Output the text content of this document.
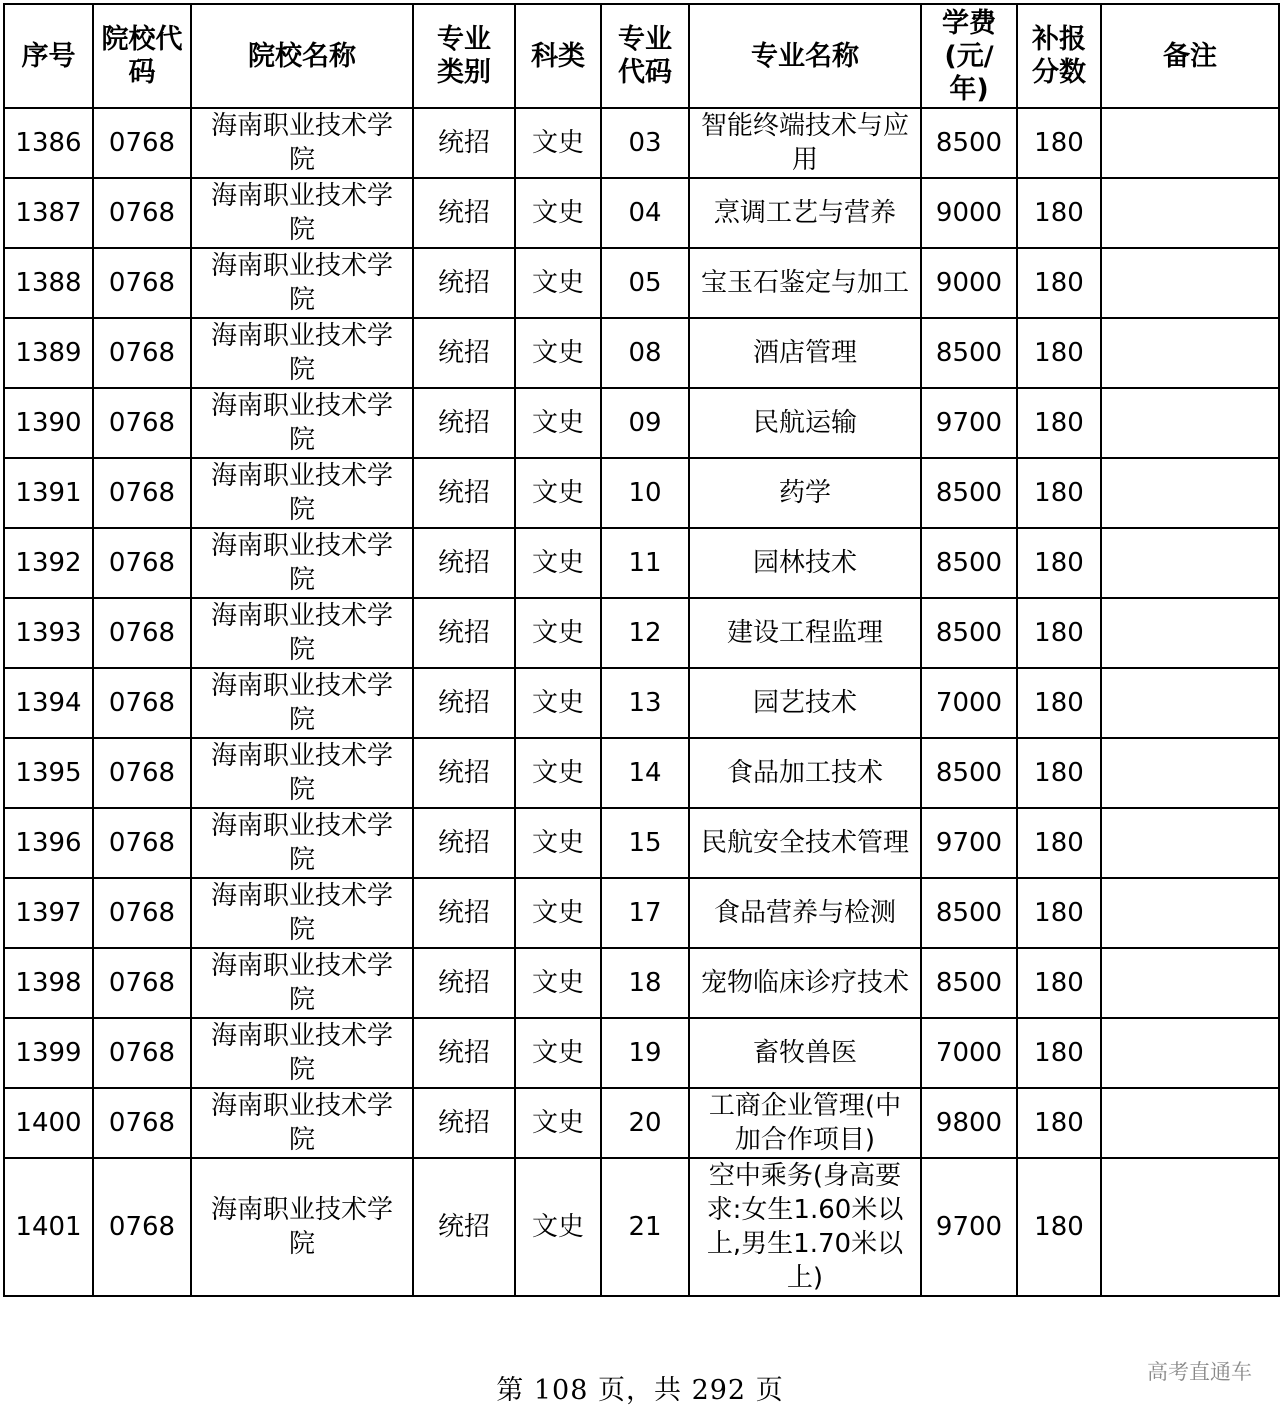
序号	院校代码	院校名称	专业类别	科类	专业代码	专业名称	学费(元/年)	补报分数	备注
1386	0768	海南职业技术学院	统招	文史	03	智能终端技术与应用	8500	180	
1387	0768	海南职业技术学院	统招	文史	04	烹调工艺与营养	9000	180	
1388	0768	海南职业技术学院	统招	文史	05	宝玉石鉴定与加工	9000	180	
1389	0768	海南职业技术学院	统招	文史	08	酒店管理	8500	180	
1390	0768	海南职业技术学院	统招	文史	09	民航运输	9700	180	
1391	0768	海南职业技术学院	统招	文史	10	药学	8500	180	
1392	0768	海南职业技术学院	统招	文史	11	园林技术	8500	180	
1393	0768	海南职业技术学院	统招	文史	12	建设工程监理	8500	180	
1394	0768	海南职业技术学院	统招	文史	13	园艺技术	7000	180	
1395	0768	海南职业技术学院	统招	文史	14	食品加工技术	8500	180	
1396	0768	海南职业技术学院	统招	文史	15	民航安全技术管理	9700	180	
1397	0768	海南职业技术学院	统招	文史	17	食品营养与检测	8500	180	
1398	0768	海南职业技术学院	统招	文史	18	宠物临床诊疗技术	8500	180	
1399	0768	海南职业技术学院	统招	文史	19	畜牧兽医	7000	180	
1400	0768	海南职业技术学院	统招	文史	20	工商企业管理(中加合作项目)	9800	180	
1401	0768	海南职业技术学院	统招	文史	21	空中乘务(身高要求:女生1.60米以上,男生1.70米以上)	9700	180	
第 108 页，共 292 页
高考直通车
